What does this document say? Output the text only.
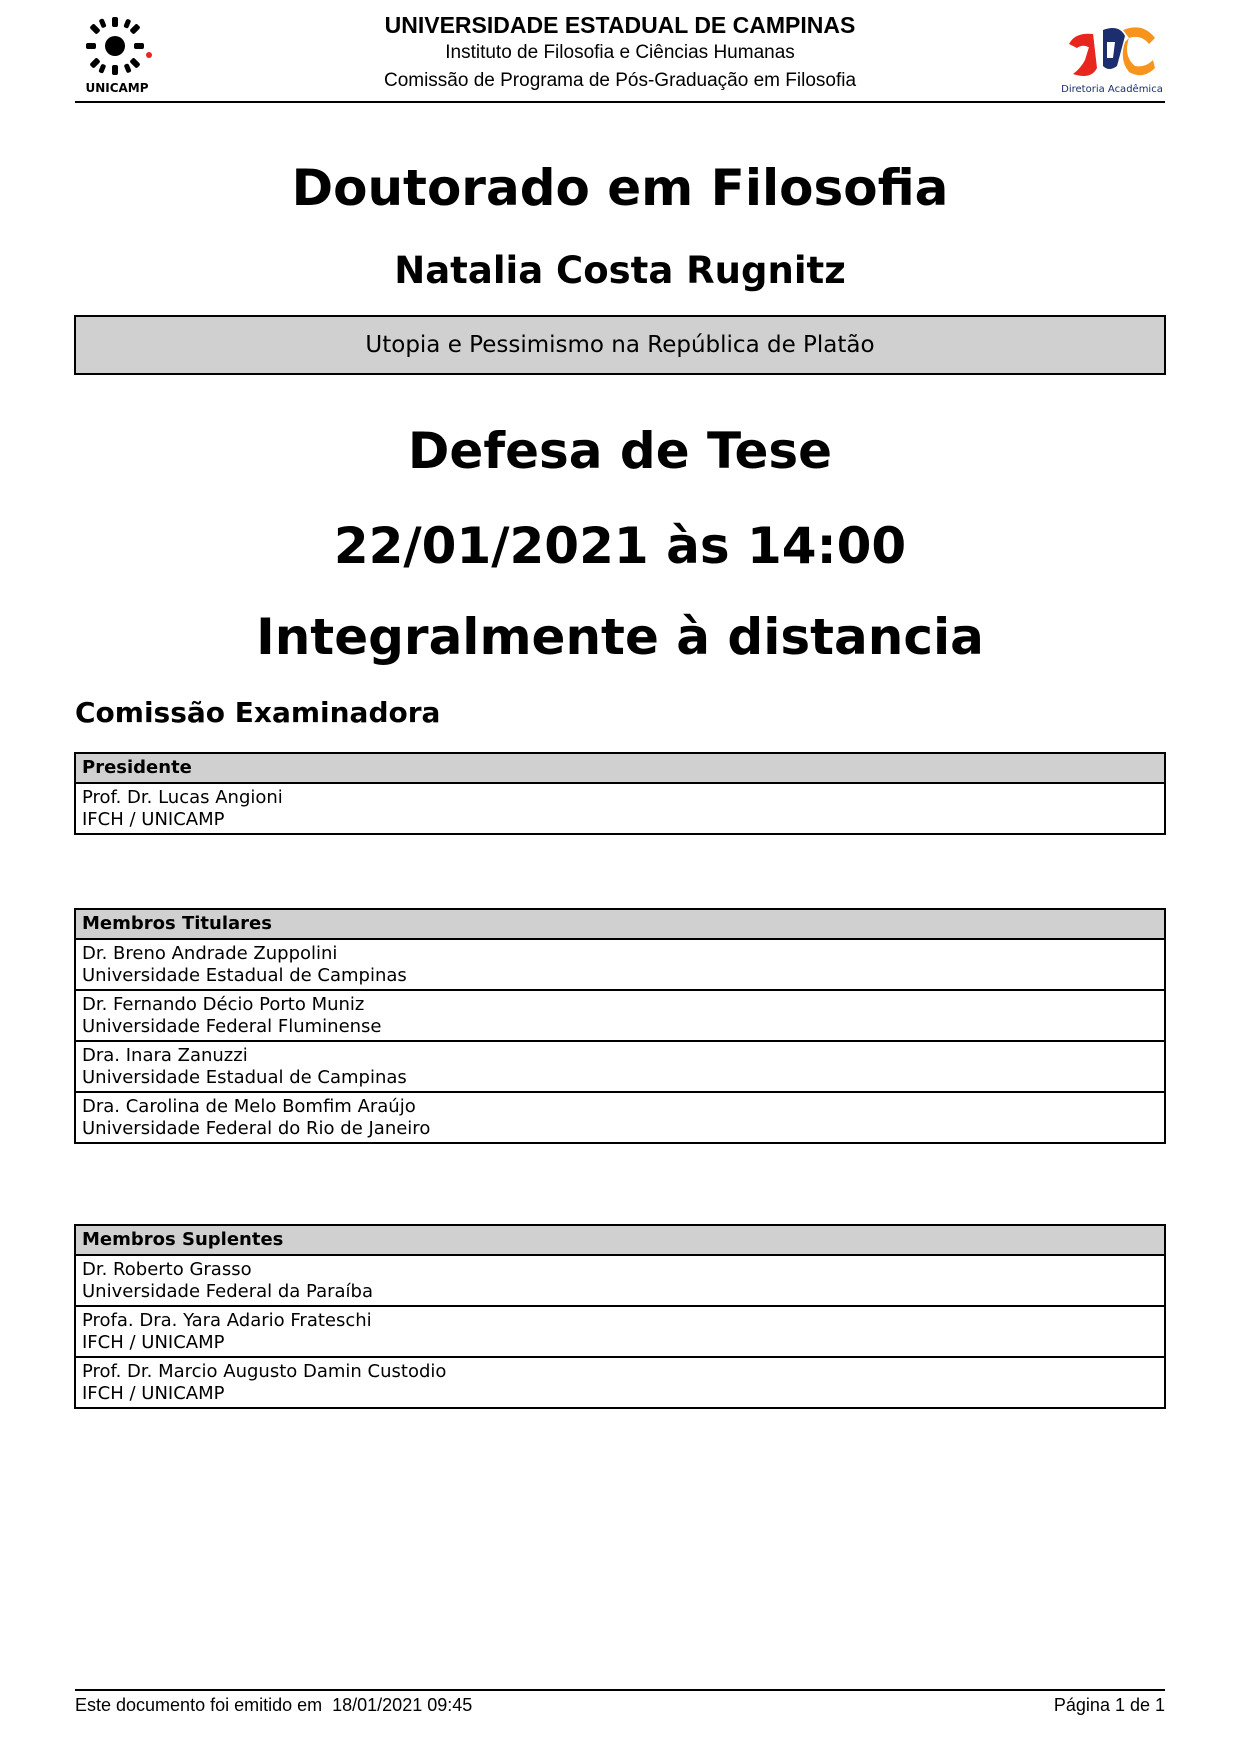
UNICAMP
UNIVERSIDADE ESTADUAL DE CAMPINAS
Instituto de Filosofia e Ciências Humanas
Comissão de Programa de Pós-Graduação em Filosofia	Diretoria Acadêmica
Doutorado em Filosofia
Natalia Costa Rugnitz
Utopia e Pessimismo na República de Platão
Defesa de Tese
22/01/2021 às 14:00
Integralmente à distancia
Comissão Examinadora
Presidente
Prof. Dr. Lucas Angioni
IFCH / UNICAMP
Membros Titulares
Dr. Breno Andrade Zuppolini
Universidade Estadual de Campinas
Dr. Fernando Décio Porto Muniz
Universidade Federal Fluminense
Dra. Inara Zanuzzi
Universidade Estadual de Campinas
Dra. Carolina de Melo Bomfim Araújo
Universidade Federal do Rio de Janeiro
Membros Suplentes
Dr. Roberto Grasso
Universidade Federal da Paraíba
Profa. Dra. Yara Adario Frateschi
IFCH / UNICAMP
Prof. Dr. Marcio Augusto Damin Custodio
IFCH / UNICAMP
Este documento foi emitido em  18/01/2021 09:45	Página 1 de 1
